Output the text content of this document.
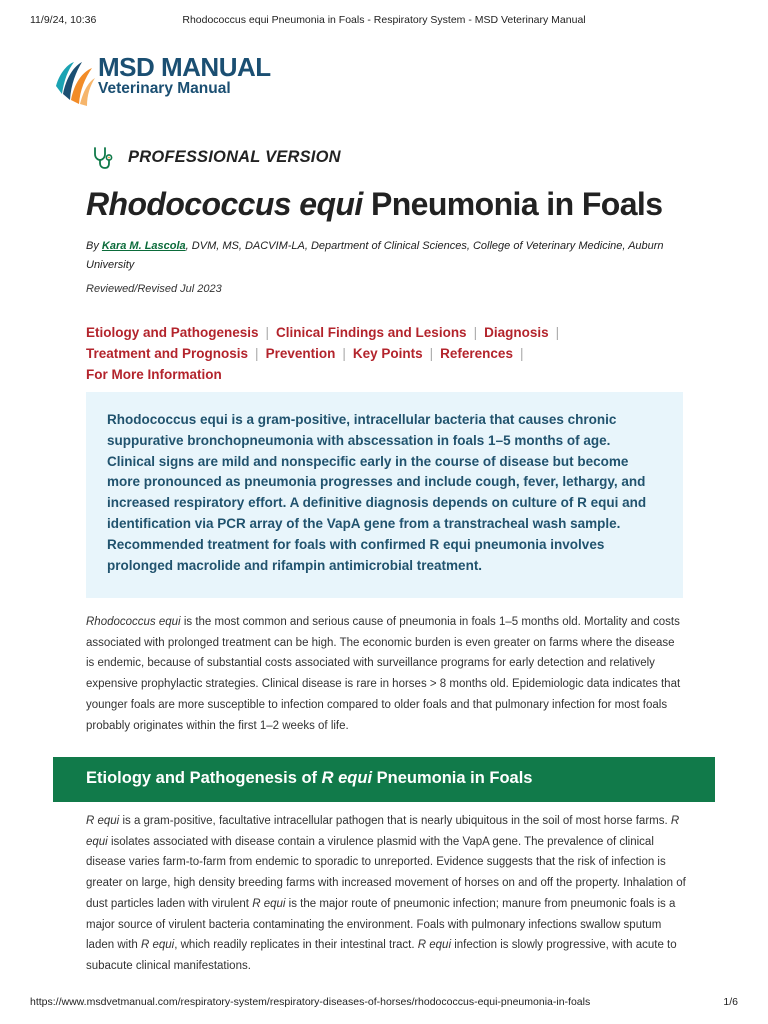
11/9/24, 10:36	Rhodococcus equi Pneumonia in Foals - Respiratory System - MSD Veterinary Manual
MSD MANUAL
Veterinary Manual
PROFESSIONAL VERSION
Rhodococcus equi Pneumonia in Foals
By Kara M. Lascola, DVM, MS, DACVIM-LA, Department of Clinical Sciences, College of Veterinary Medicine, Auburn University
Reviewed/Revised Jul 2023
Etiology and Pathogenesis | Clinical Findings and Lesions | Diagnosis |
Treatment and Prognosis | Prevention | Key Points | References |
For More Information

Rhodococcus equi is a gram-positive, intracellular bacteria that causes chronic suppurative bronchopneumonia with abscessation in foals 1–5 months of age. Clinical signs are mild and nonspecific early in the course of disease but become more pronounced as pneumonia progresses and include cough, fever, lethargy, and increased respiratory effort. A definitive diagnosis depends on culture of R equi and identification via PCR array of the VapA gene from a transtracheal wash sample. Recommended treatment for foals with confirmed R equi pneumonia involves prolonged macrolide and rifampin antimicrobial treatment.

Rhodococcus equi is the most common and serious cause of pneumonia in foals 1–5 months old. Mortality and costs associated with prolonged treatment can be high. The economic burden is even greater on farms where the disease is endemic, because of substantial costs associated with surveillance programs for early detection and relatively expensive prophylactic strategies. Clinical disease is rare in horses > 8 months old. Epidemiologic data indicates that younger foals are more susceptible to infection compared to older foals and that pulmonary infection for most foals probably originates within the first 1–2 weeks of life.

Etiology and Pathogenesis of R equi Pneumonia in Foals

R equi is a gram-positive, facultative intracellular pathogen that is nearly ubiquitous in the soil of most horse farms. R equi isolates associated with disease contain a virulence plasmid with the VapA gene. The prevalence of clinical disease varies farm-to-farm from endemic to sporadic to unreported. Evidence suggests that the risk of infection is greater on large, high density breeding farms with increased movement of horses on and off the property. Inhalation of dust particles laden with virulent R equi is the major route of pneumonic infection; manure from pneumonic foals is a major source of virulent bacteria contaminating the environment. Foals with pulmonary infections swallow sputum laden with R equi, which readily replicates in their intestinal tract. R equi infection is slowly progressive, with acute to subacute clinical manifestations.

https://www.msdvetmanual.com/respiratory-system/respiratory-diseases-of-horses/rhodococcus-equi-pneumonia-in-foals	1/6
